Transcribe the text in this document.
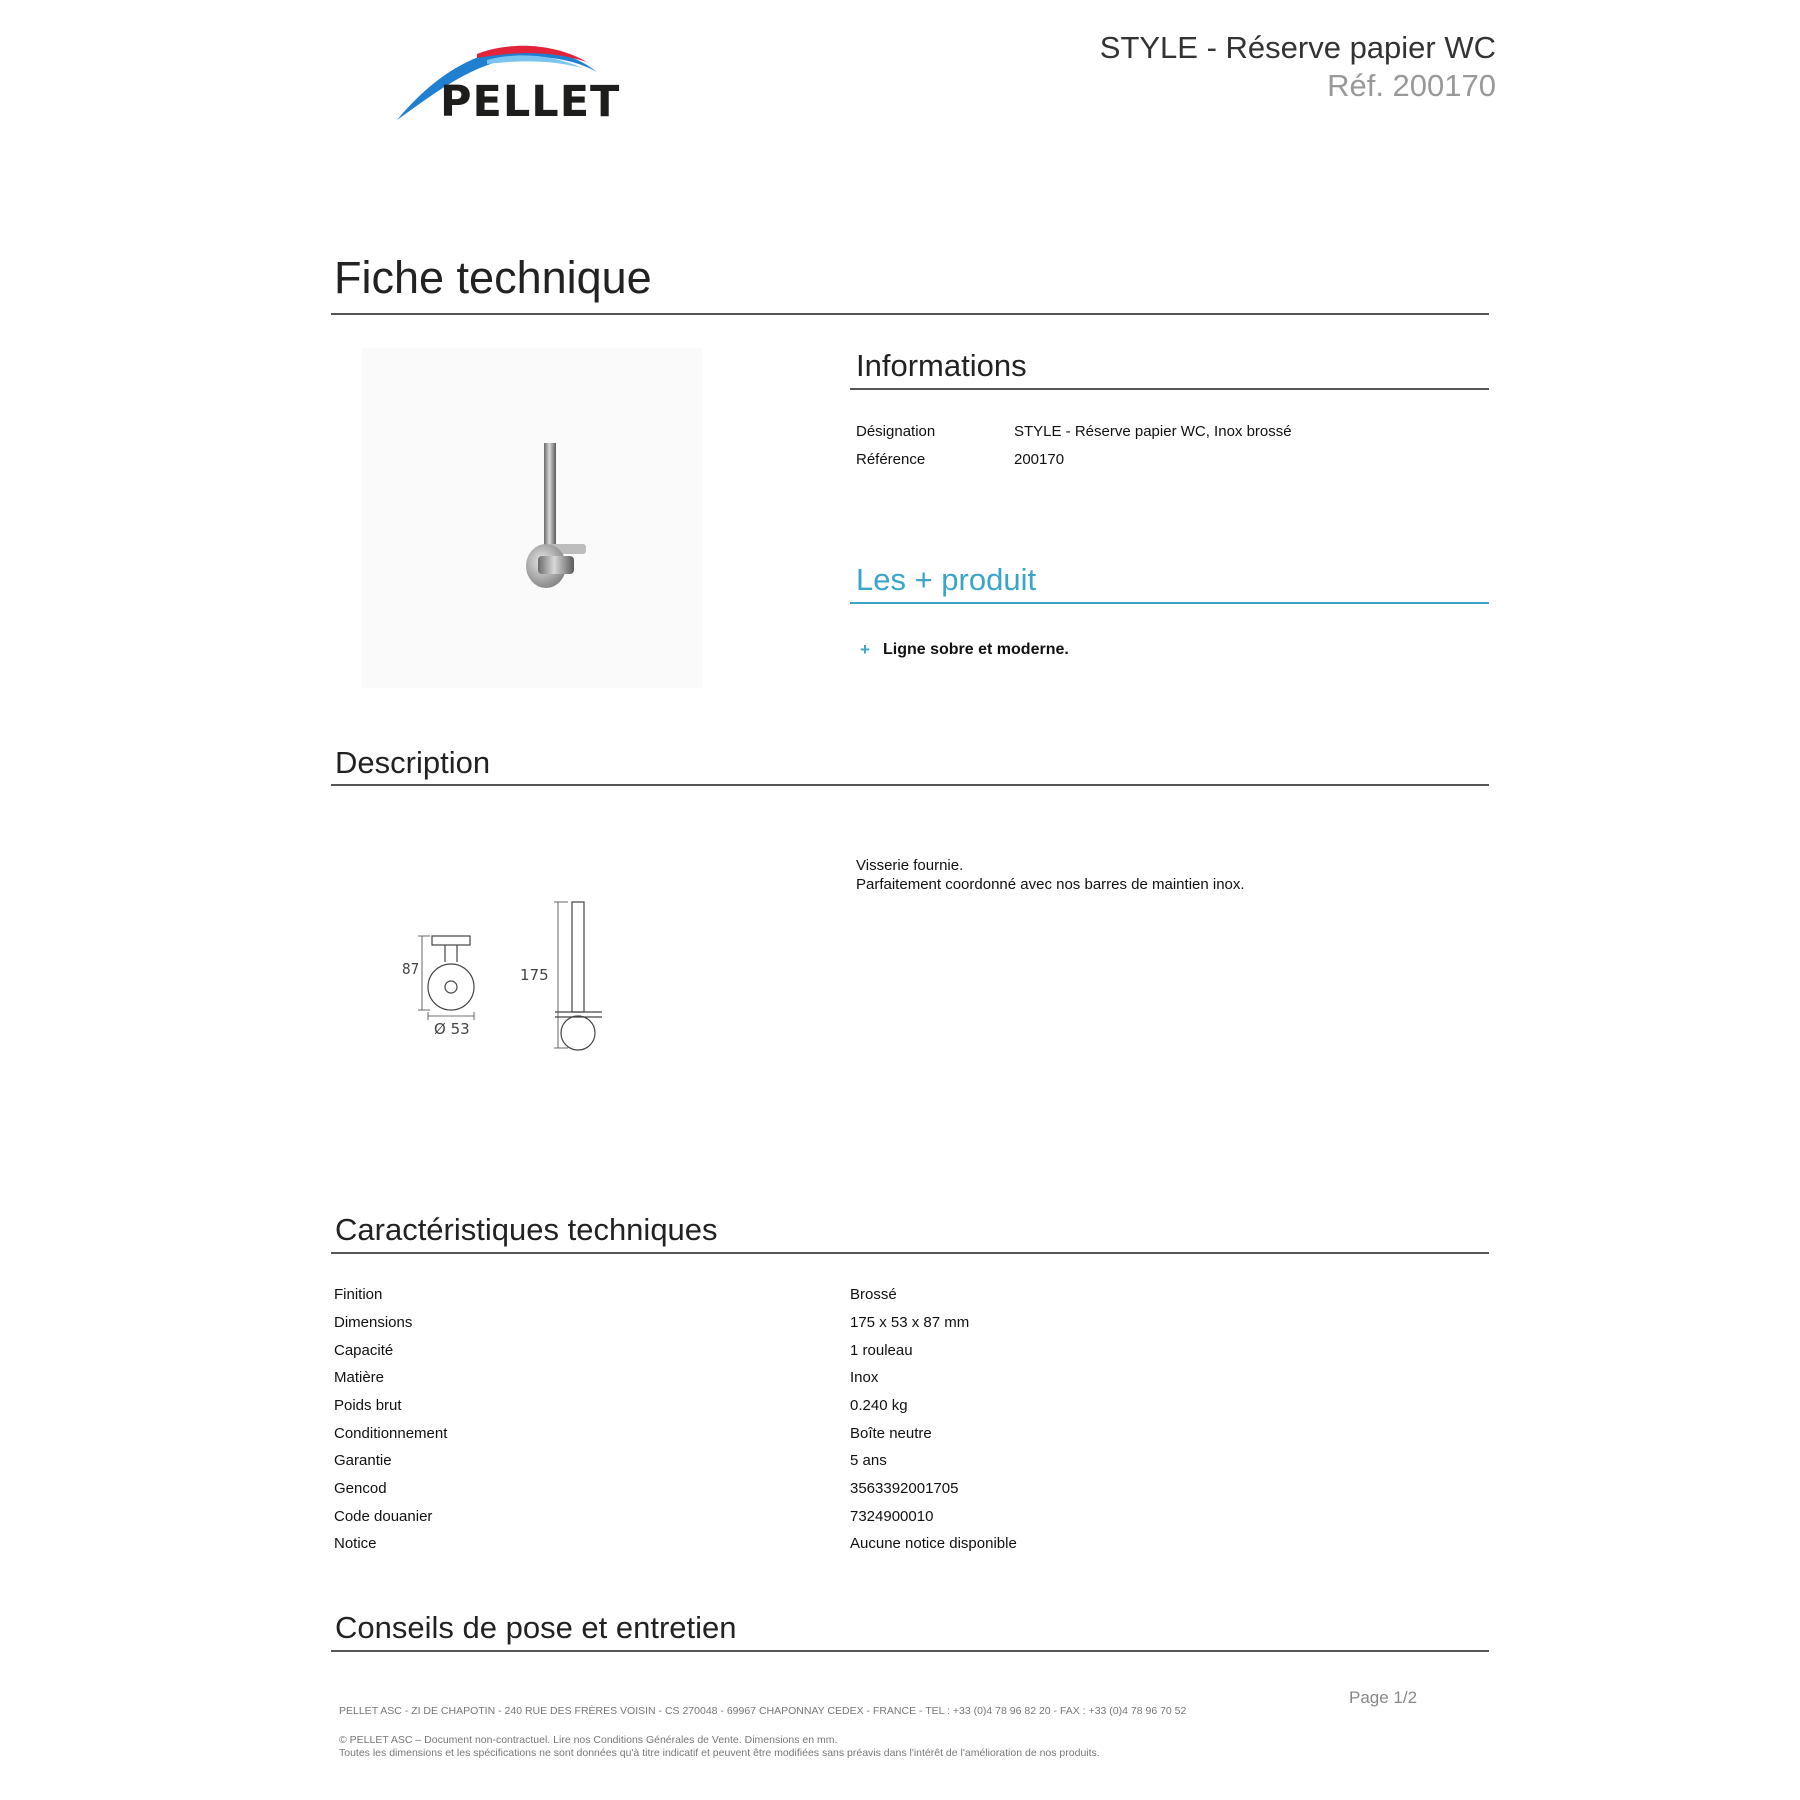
PELLET
STYLE - Réserve papier WC
Réf. 200170
Fiche technique
Informations
Désignation	STYLE - Réserve papier WC, Inox brossé
Référence	200170
Les + produit
+ Ligne sobre et moderne.
Description
87
Ø 53
175
Visserie fournie.
Parfaitement coordonné avec nos barres de maintien inox.
Caractéristiques techniques
Finition	Brossé
Dimensions	175 x 53 x 87 mm
Capacité	1 rouleau
Matière	Inox
Poids brut	0.240 kg
Conditionnement	Boîte neutre
Garantie	5 ans
Gencod	3563392001705
Code douanier	7324900010
Notice	Aucune notice disponible
Conseils de pose et entretien
PELLET ASC - ZI DE CHAPOTIN - 240 RUE DES FRÈRES VOISIN - CS 270048 - 69967 CHAPONNAY CEDEX - FRANCE - TEL : +33 (0)4 78 96 82 20 - FAX : +33 (0)4 78 96 70 52
Page 1/2
© PELLET ASC – Document non-contractuel. Lire nos Conditions Générales de Vente. Dimensions en mm.
Toutes les dimensions et les spécifications ne sont données qu'à titre indicatif et peuvent être modifiées sans préavis dans l'intérêt de l'amélioration de nos produits.
